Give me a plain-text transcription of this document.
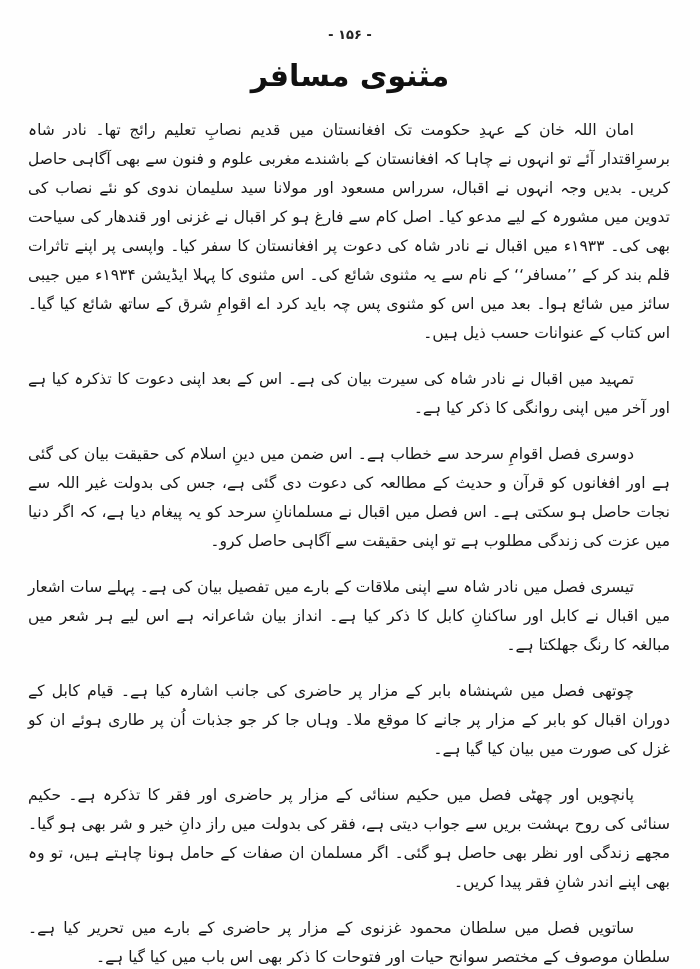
- ۱۵۶ -
مثنوی مسافر

امان اللہ خان کے عہدِ حکومت تک افغانستان میں قدیم نصابِ تعلیم رائج تھا۔ نادر شاہ برسرِاقتدار آئے تو انہوں نے چاہا کہ افغانستان کے باشندے مغربی علوم و فنون سے بھی آگاہی حاصل کریں۔ بدیں وجہ انہوں نے اقبال، سرراس مسعود اور مولانا سید سلیمان ندوی کو نئے نصاب کی تدوین میں مشورہ کے لیے مدعو کیا۔ اصل کام سے فارغ ہو کر اقبال نے غزنی اور قندھار کی سیاحت بھی کی۔ ۱۹۳۳ء میں اقبال نے نادر شاہ کی دعوت پر افغانستان کا سفر کیا۔ واپسی پر اپنے تاثرات قلم بند کر کے ’’مسافر‘‘ کے نام سے یہ مثنوی شائع کی۔ اس مثنوی کا پہلا ایڈیشن ۱۹۳۴ء میں جیبی سائز میں شائع ہوا۔ بعد میں اس کو مثنوی پس چہ باید کرد اے اقوامِ شرق کے ساتھ شائع کیا گیا۔ اس کتاب کے عنوانات حسب ذیل ہیں۔

تمہید میں اقبال نے نادر شاہ کی سیرت بیان کی ہے۔ اس کے بعد اپنی دعوت کا تذکرہ کیا ہے اور آخر میں اپنی روانگی کا ذکر کیا ہے۔

دوسری فصل اقوامِ سرحد سے خطاب ہے۔ اس ضمن میں دینِ اسلام کی حقیقت بیان کی گئی ہے اور افغانوں کو قرآن و حدیث کے مطالعہ کی دعوت دی گئی ہے، جس کی بدولت غیر اللہ سے نجات حاصل ہو سکتی ہے۔ اس فصل میں اقبال نے مسلمانانِ سرحد کو یہ پیغام دیا ہے، کہ اگر دنیا میں عزت کی زندگی مطلوب ہے تو اپنی حقیقت سے آگاہی حاصل کرو۔

تیسری فصل میں نادر شاہ سے اپنی ملاقات کے بارے میں تفصیل بیان کی ہے۔ پہلے سات اشعار میں اقبال نے کابل اور ساکنانِ کابل کا ذکر کیا ہے۔ انداز بیان شاعرانہ ہے اس لیے ہر شعر میں مبالغہ کا رنگ جھلکتا ہے۔

چوتھی فصل میں شہنشاہ بابر کے مزار پر حاضری کی جانب اشارہ کیا ہے۔ قیام کابل کے دوران اقبال کو بابر کے مزار پر جانے کا موقع ملا۔ وہاں جا کر جو جذبات اُن پر طاری ہوئے ان کو غزل کی صورت میں بیان کیا گیا ہے۔

پانچویں اور چھٹی فصل میں حکیم سنائی کے مزار پر حاضری اور فقر کا تذکرہ ہے۔ حکیم سنائی کی روح بہشت بریں سے جواب دیتی ہے، فقر کی بدولت میں راز دانِ خیر و شر بھی ہو گیا۔ مجھے زندگی اور نظر بھی حاصل ہو گئی۔ اگر مسلمان ان صفات کے حامل ہونا چاہتے ہیں، تو وہ بھی اپنے اندر شانِ فقر پیدا کریں۔

ساتویں فصل میں سلطان محمود غزنوی کے مزار پر حاضری کے بارے میں تحریر کیا ہے۔ سلطان موصوف کے مختصر سوانح حیات اور فتوحات کا ذکر بھی اس باب میں کیا گیا ہے۔
